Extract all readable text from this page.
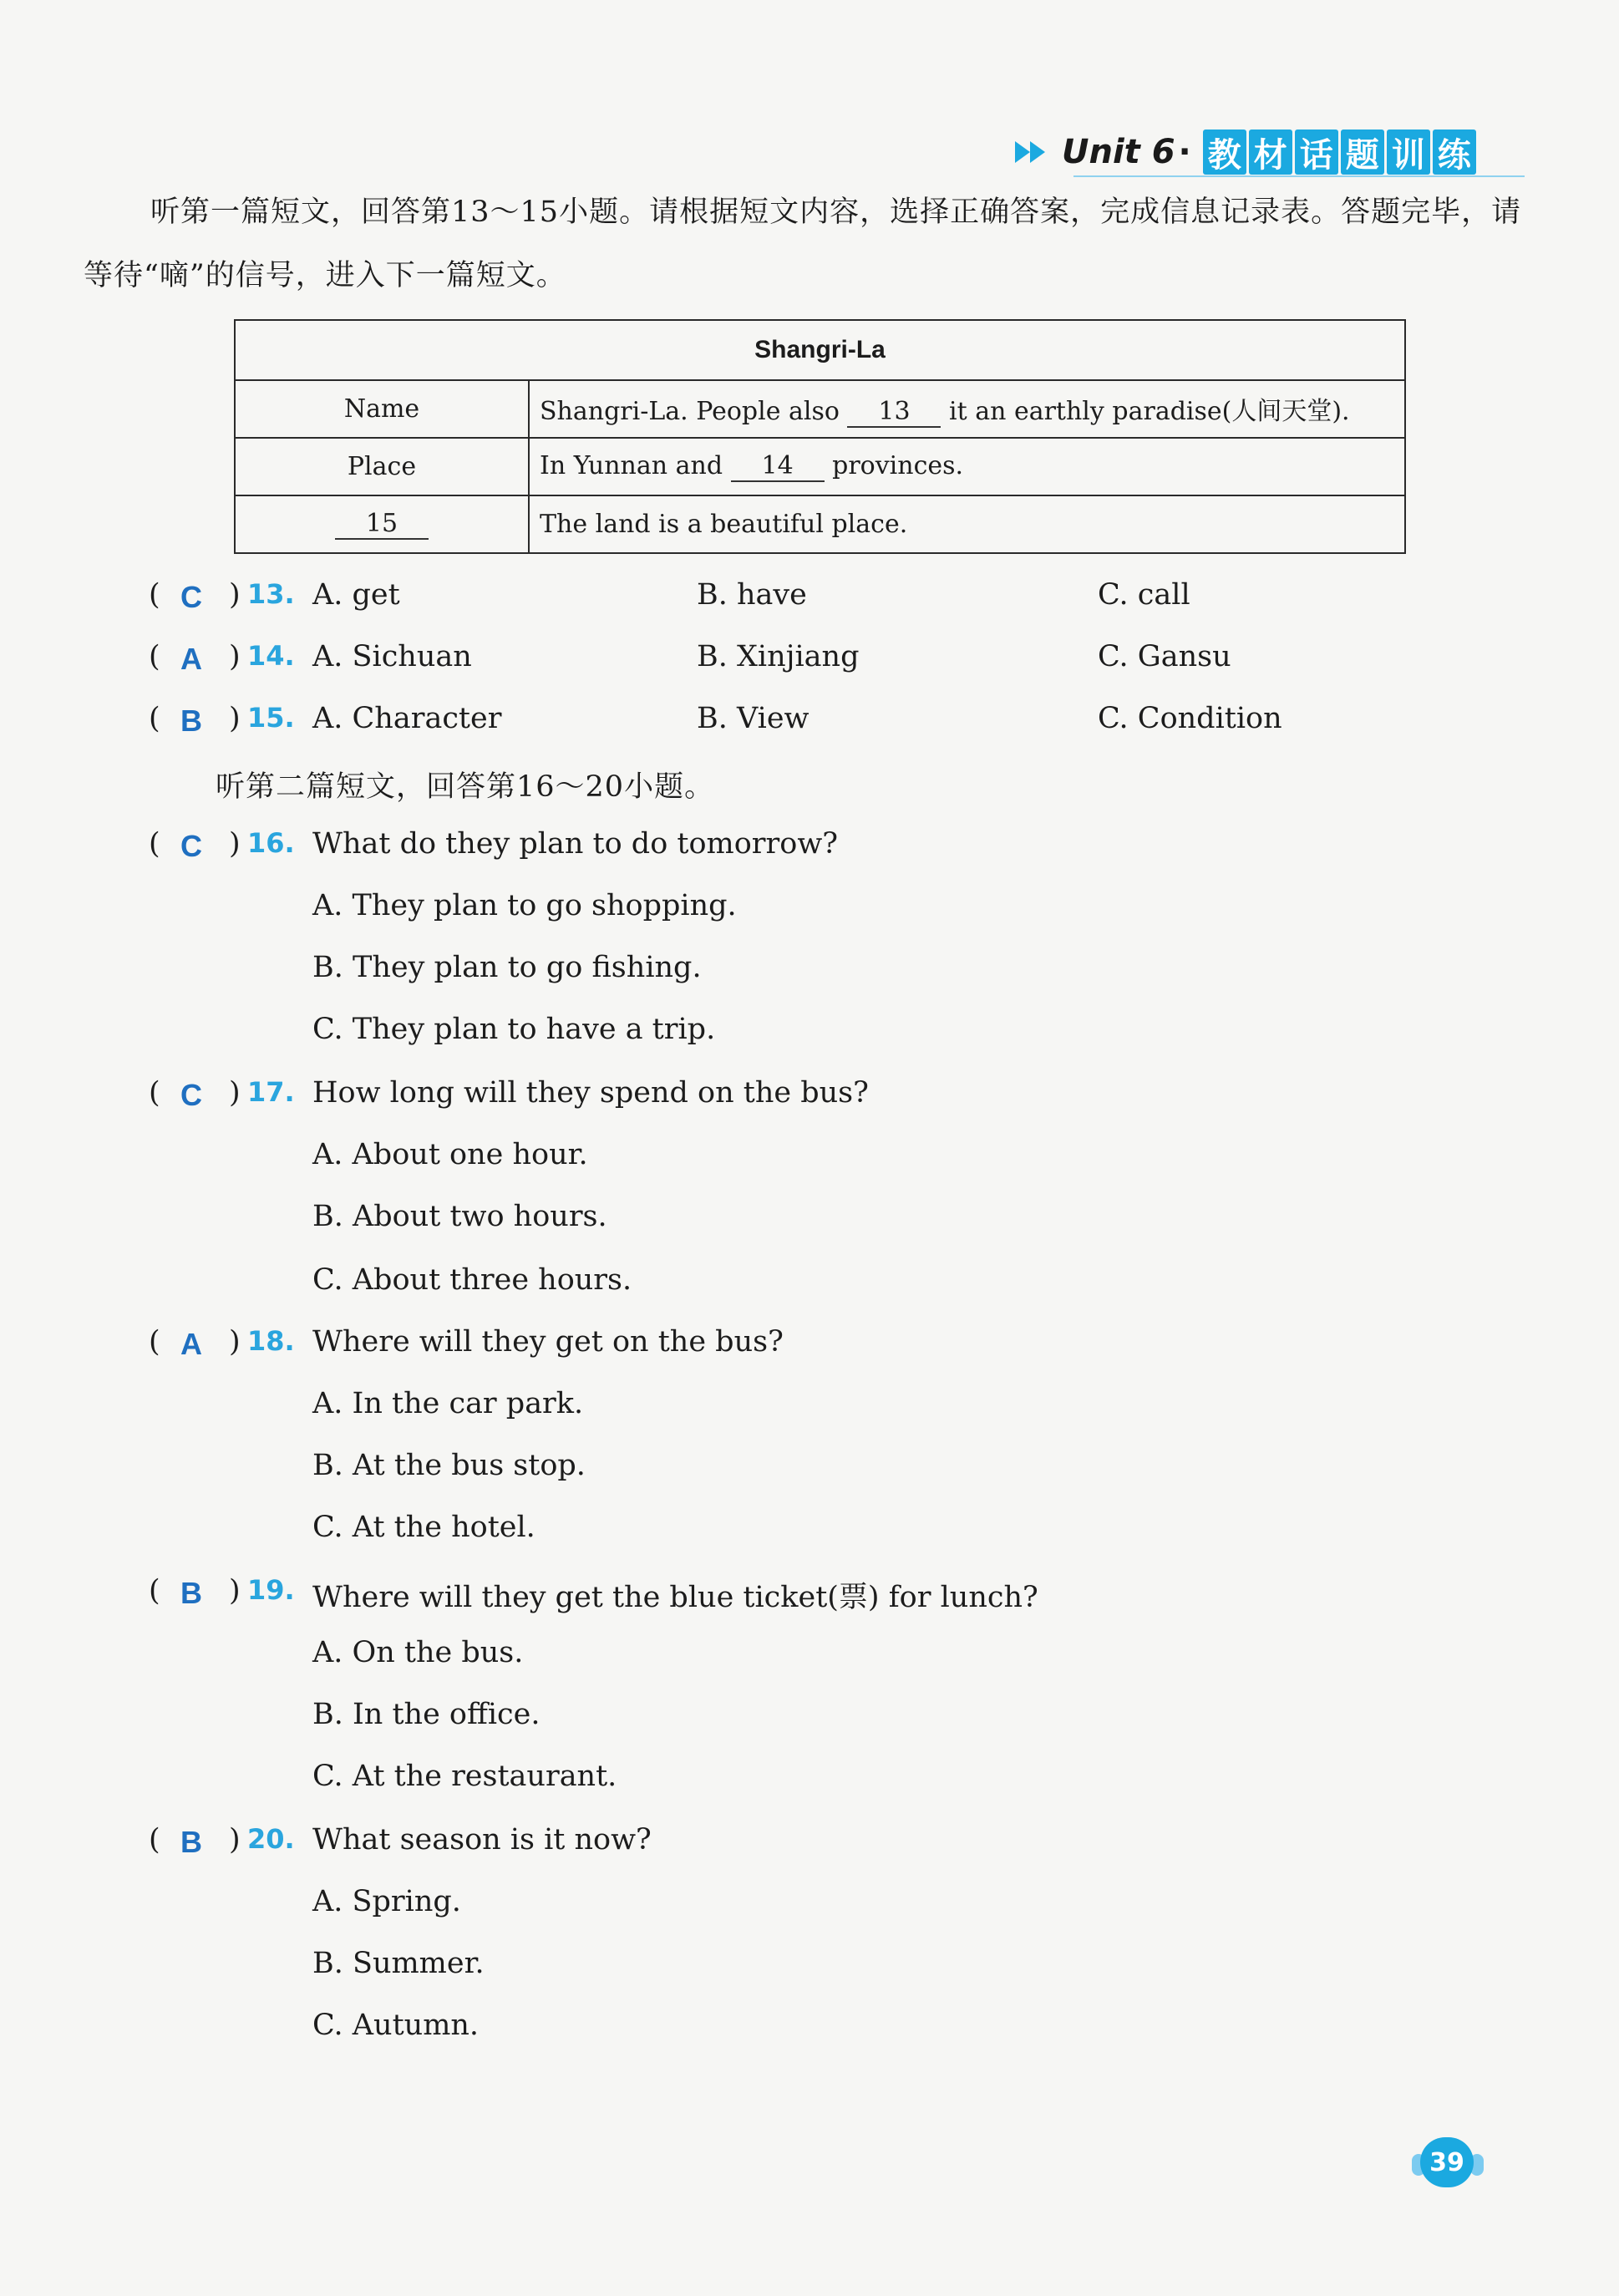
Unit 6 · 教 材 话 题 训 练
听第一篇短文，回答第13～15小题。请根据短文内容，选择正确答案，完成信息记录表。答题完毕，请等待“嘀”的信号，进入下一篇短文。
Shangri-La	
Name	Shangri-La. People also 13 it an earthly paradise(人间天堂).
Place	In Yunnan and 14 provinces.
15	The land is a beautiful place.
( C ) 13. A. get	B. have	C. call
( A ) 14. A. Sichuan	B. Xinjiang	C. Gansu
( B ) 15. A. Character	B. View	C. Condition
听第二篇短文，回答第16～20小题。
( C ) 16. What do they plan to do tomorrow?
A. They plan to go shopping.
B. They plan to go fishing.
C. They plan to have a trip.
( C ) 17. How long will they spend on the bus?
A. About one hour.
B. About two hours.
C. About three hours.
( A ) 18. Where will they get on the bus?
A. In the car park.
B. At the bus stop.
C. At the hotel.
( B ) 19. Where will they get the blue ticket(票) for lunch?
A. On the bus.
B. In the office.
C. At the restaurant.
( B ) 20. What season is it now?
A. Spring.
B. Summer.
C. Autumn.
39
